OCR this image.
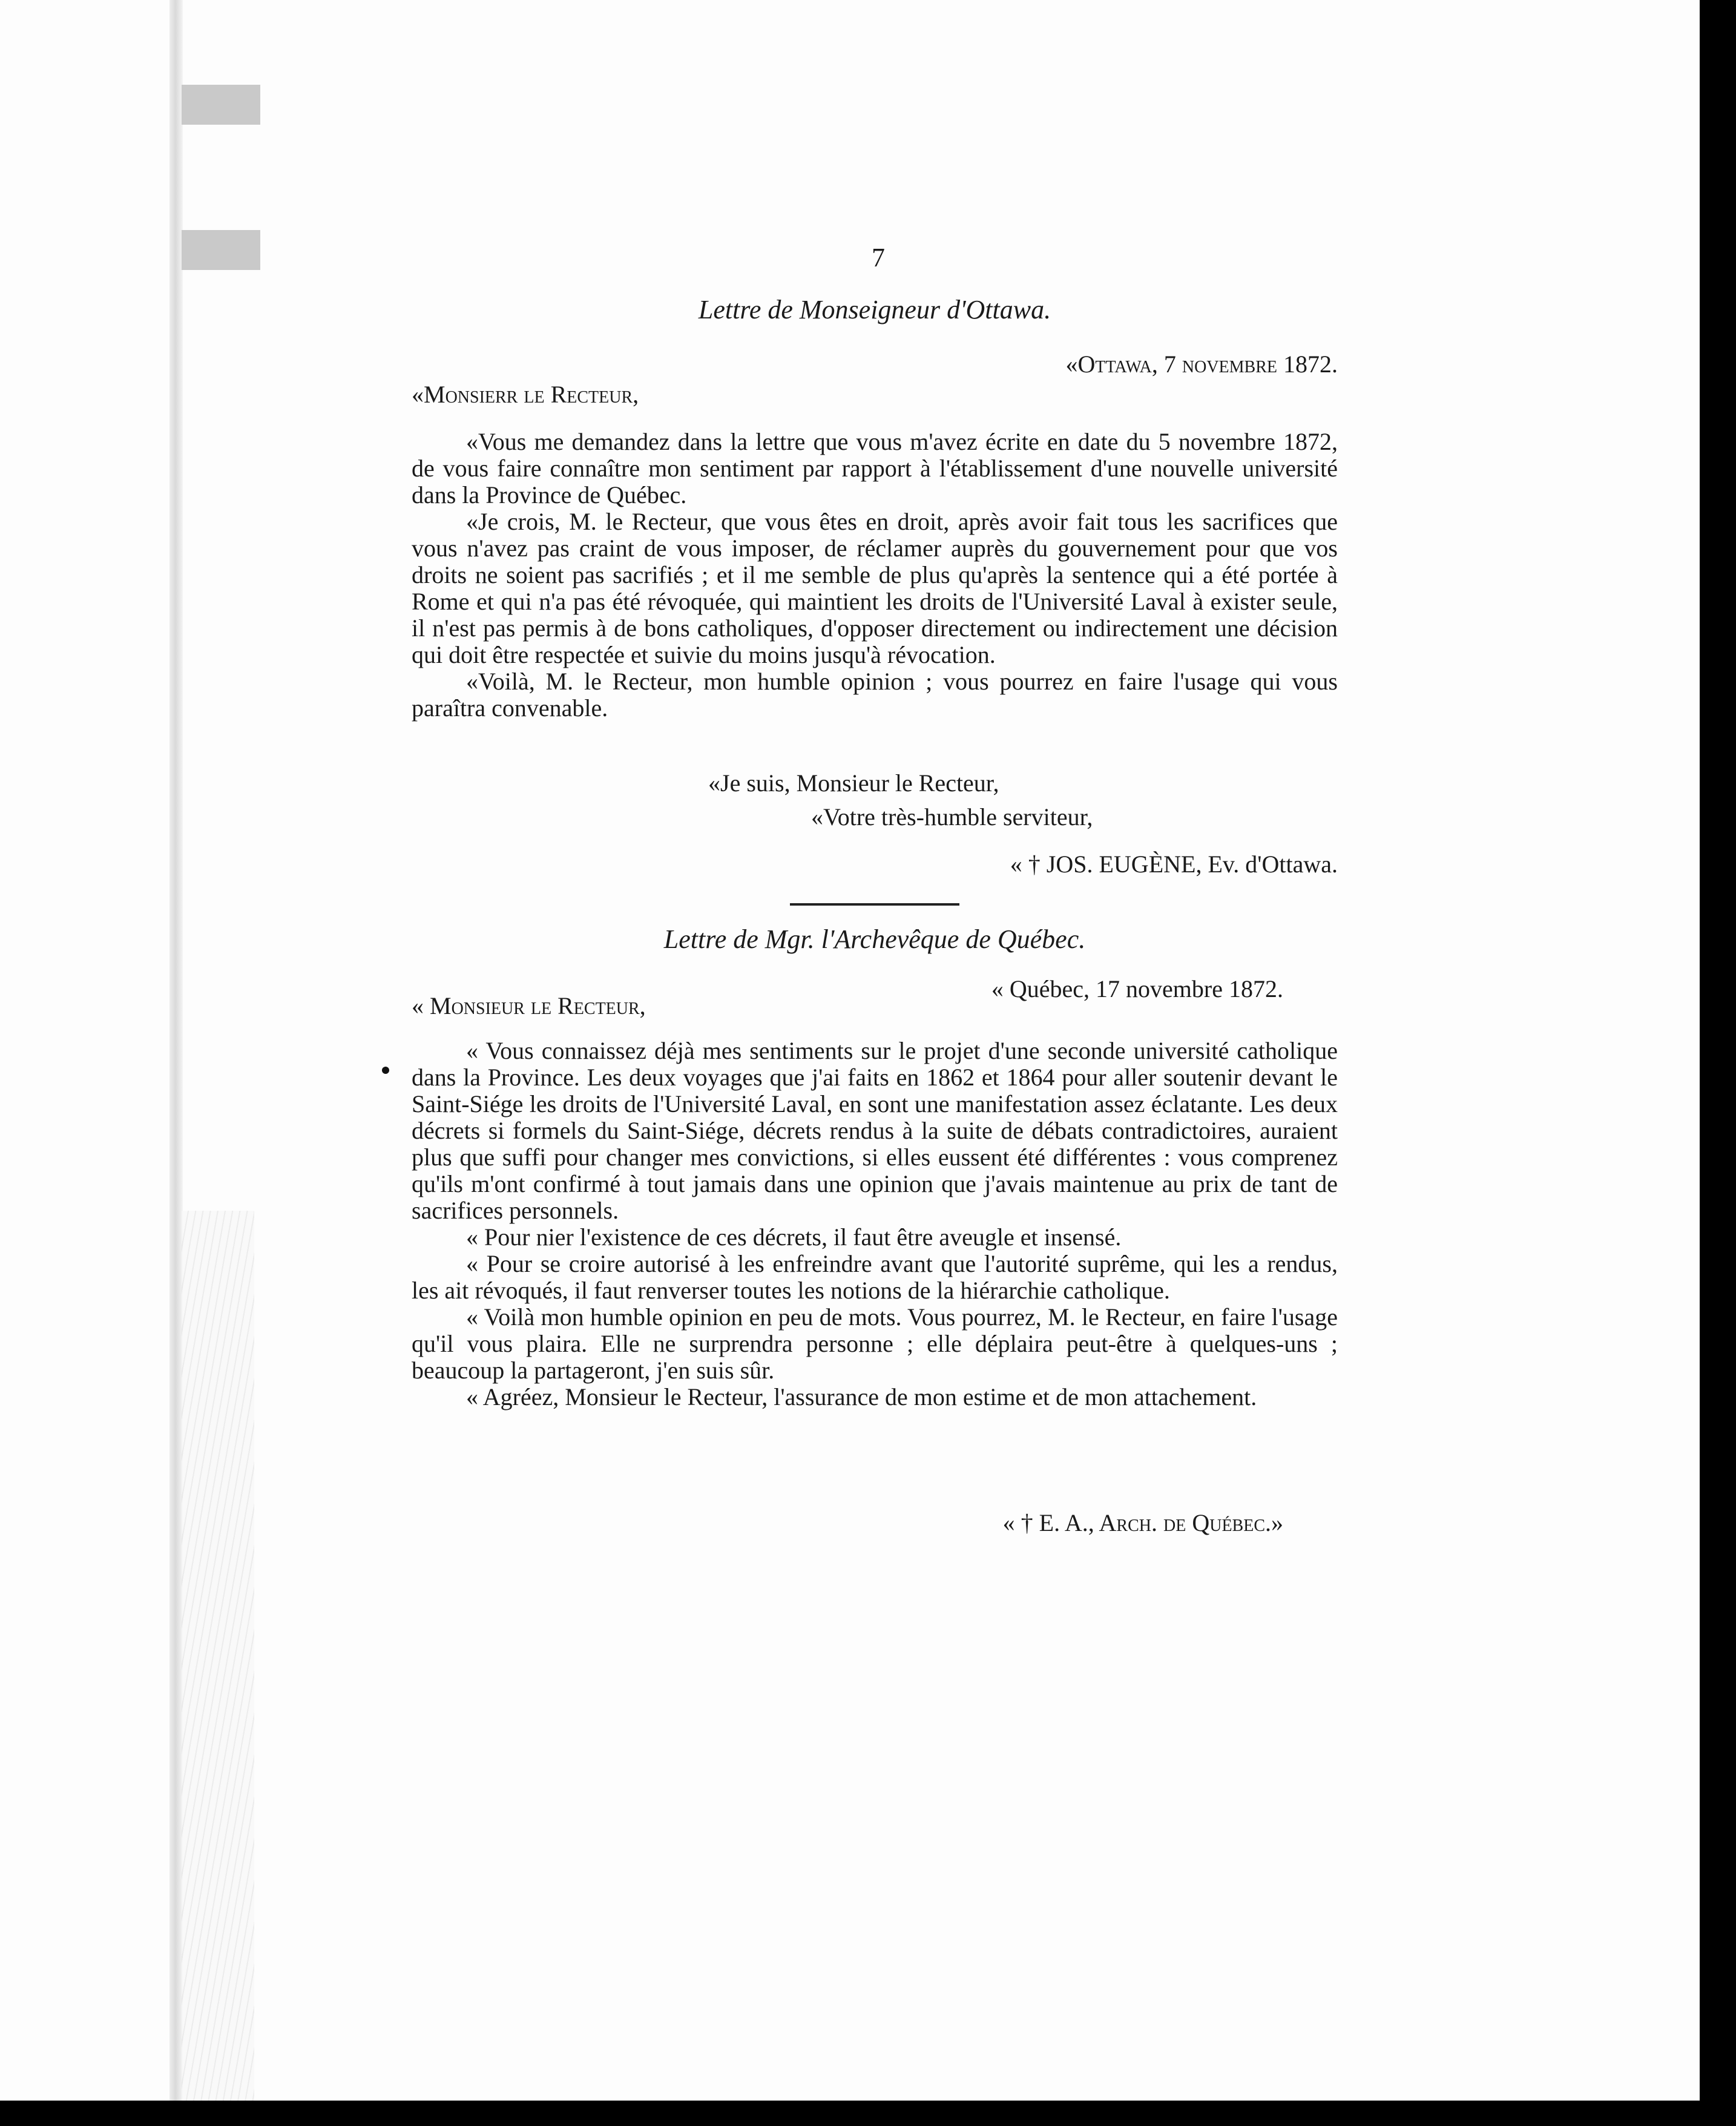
7
Lettre de Monseigneur d'Ottawa.
«Ottawa, 7 novembre 1872.
«Monsierr le Recteur,

«Vous me demandez dans la lettre que vous m'avez écrite en date du 5 novembre 1872, de vous faire connaître mon sentiment par rapport à l'établissement d'une nouvelle université dans la Province de Québec.

«Je crois, M. le Recteur, que vous êtes en droit, après avoir fait tous les sacrifices que vous n'avez pas craint de vous imposer, de réclamer auprès du gouvernement pour que vos droits ne soient pas sacrifiés ; et il me semble de plus qu'après la sentence qui a été portée à Rome et qui n'a pas été révoquée, qui maintient les droits de l'Université Laval à exister seule, il n'est pas permis à de bons catholiques, d'opposer directement ou indirectement une décision qui doit être respectée et suivie du moins jusqu'à révocation.

«Voilà, M. le Recteur, mon humble opinion ; vous pourrez en faire l'usage qui vous paraîtra convenable.

«Je suis, Monsieur le Recteur,
«Votre très-humble serviteur,
« † JOS. EUGÈNE, Ev. d'Ottawa.
Lettre de Mgr. l'Archevêque de Québec.
« Québec, 17 novembre 1872.
« Monsieur le Recteur,

« Vous connaissez déjà mes sentiments sur le projet d'une seconde université catholique dans la Province. Les deux voyages que j'ai faits en 1862 et 1864 pour aller soutenir devant le Saint-Siége les droits de l'Université Laval, en sont une manifestation assez éclatante. Les deux décrets si formels du Saint-Siége, décrets rendus à la suite de débats contradictoires, auraient plus que suffi pour changer mes convictions, si elles eussent été différentes : vous comprenez qu'ils m'ont confirmé à tout jamais dans une opinion que j'avais maintenue au prix de tant de sacrifices personnels.

« Pour nier l'existence de ces décrets, il faut être aveugle et insensé.

« Pour se croire autorisé à les enfreindre avant que l'autorité suprême, qui les a rendus, les ait révoqués, il faut renverser toutes les notions de la hiérarchie catholique.

« Voilà mon humble opinion en peu de mots. Vous pourrez, M. le Recteur, en faire l'usage qu'il vous plaira. Elle ne surprendra personne ; elle déplaira peut-être à quelques-uns ; beaucoup la partageront, j'en suis sûr.

« Agréez, Monsieur le Recteur, l'assurance de mon estime et de mon attachement.

« † E. A., Arch. de Québec.»
